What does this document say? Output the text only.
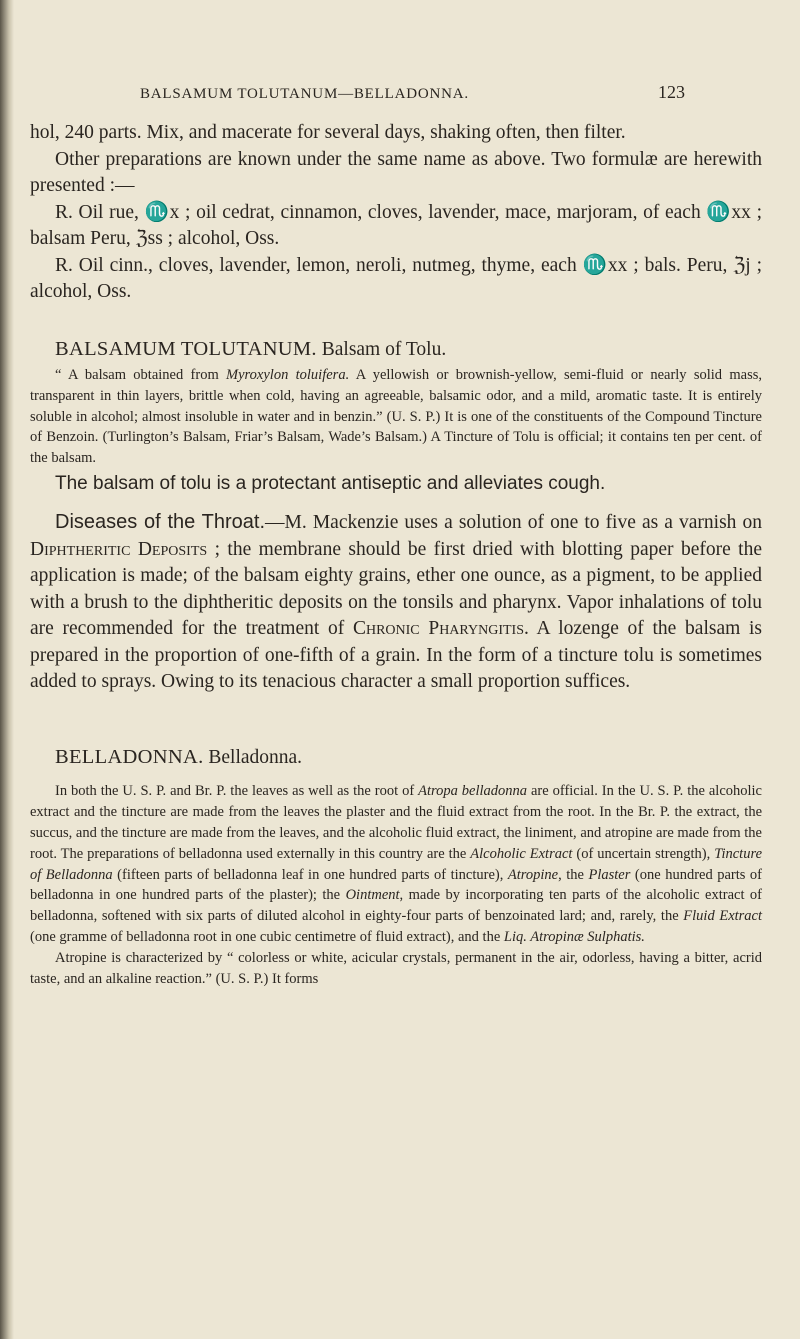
BALSAMUM TOLUTANUM—BELLADONNA.	123

hol, 240 parts. Mix, and macerate for several days, shaking often, then filter.

Other preparations are known under the same name as above. Two formulæ are herewith presented :—

R. Oil rue, ♏x ; oil cedrat, cinnamon, cloves, lavender, mace, marjoram, of each ♏xx ; balsam Peru, ℨss ; alcohol, Oss.

R. Oil cinn., cloves, lavender, lemon, neroli, nutmeg, thyme, each ♏xx ; bals. Peru, ℨj ; alcohol, Oss.

BALSAMUM TOLUTANUM. Balsam of Tolu.

“ A balsam obtained from Myroxylon toluifera. A yellowish or brownish-yellow, semi-fluid or nearly solid mass, transparent in thin layers, brittle when cold, having an agreeable, balsamic odor, and a mild, aromatic taste. It is entirely soluble in alcohol; almost insoluble in water and in benzin.” (U. S. P.) It is one of the constituents of the Compound Tincture of Benzoin. (Turlington’s Balsam, Friar’s Balsam, Wade’s Balsam.) A Tincture of Tolu is official; it contains ten per cent. of the balsam.

The balsam of tolu is a protectant antiseptic and alleviates cough.

Diseases of the Throat.—M. Mackenzie uses a solution of one to five as a varnish on Diphtheritic Deposits ; the membrane should be first dried with blotting paper before the application is made; of the balsam eighty grains, ether one ounce, as a pigment, to be applied with a brush to the diphtheritic deposits on the tonsils and pharynx. Vapor inhalations of tolu are recommended for the treatment of Chronic Pharyngitis. A lozenge of the balsam is prepared in the proportion of one-fifth of a grain. In the form of a tincture tolu is sometimes added to sprays. Owing to its tenacious character a small proportion suffices.

BELLADONNA. Belladonna.

In both the U. S. P. and Br. P. the leaves as well as the root of Atropa belladonna are official. In the U. S. P. the alcoholic extract and the tincture are made from the leaves the plaster and the fluid extract from the root. In the Br. P. the extract, the succus, and the tincture are made from the leaves, and the alcoholic fluid extract, the liniment, and atropine are made from the root. The preparations of belladonna used externally in this country are the Alcoholic Extract (of uncertain strength), Tincture of Belladonna (fifteen parts of belladonna leaf in one hundred parts of tincture), Atropine, the Plaster (one hundred parts of belladonna in one hundred parts of the plaster); the Ointment, made by incorporating ten parts of the alcoholic extract of belladonna, softened with six parts of diluted alcohol in eighty-four parts of benzoinated lard; and, rarely, the Fluid Extract (one gramme of belladonna root in one cubic centimetre of fluid extract), and the Liq. Atropinæ Sulphatis.

Atropine is characterized by “ colorless or white, acicular crystals, permanent in the air, odorless, having a bitter, acrid taste, and an alkaline reaction.” (U. S. P.) It forms
